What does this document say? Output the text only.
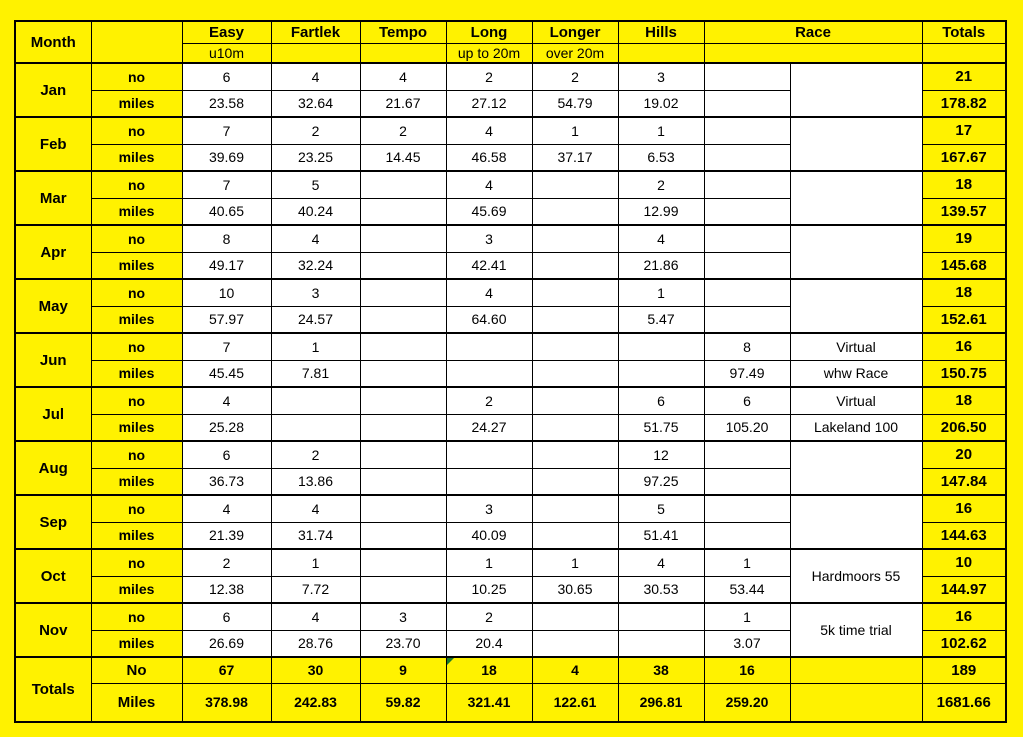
Month		Easy	Fartlek	Tempo	Long	Longer	Hills	Race		Totals
		u10m			up to 20m	over 20m				
Jan	no	6	4	4	2	2	3			21
	miles	23.58	32.64	21.67	27.12	54.79	19.02			178.82
Feb	no	7	2	2	4	1	1			17
	miles	39.69	23.25	14.45	46.58	37.17	6.53			167.67
Mar	no	7	5		4		2			18
	miles	40.65	40.24		45.69		12.99			139.57
Apr	no	8	4		3		4			19
	miles	49.17	32.24		42.41		21.86			145.68
May	no	10	3		4		1			18
	miles	57.97	24.57		64.60		5.47			152.61
Jun	no	7	1					8	Virtual	16
	miles	45.45	7.81					97.49	whw Race	150.75
Jul	no	4			2		6	6	Virtual	18
	miles	25.28			24.27		51.75	105.20	Lakeland 100	206.50
Aug	no	6	2				12			20
	miles	36.73	13.86				97.25			147.84
Sep	no	4	4		3		5			16
	miles	21.39	31.74		40.09		51.41			144.63
Oct	no	2	1		1	1	4	1	Hardmoors 55	10
	miles	12.38	7.72		10.25	30.65	30.53	53.44		144.97
Nov	no	6	4	3	2			1	5k time trial	16
	miles	26.69	28.76	23.70	20.4			3.07		102.62
Totals	No	67	30	9	18	4	38	16		189
	Miles	378.98	242.83	59.82	321.41	122.61	296.81	259.20		1681.66
